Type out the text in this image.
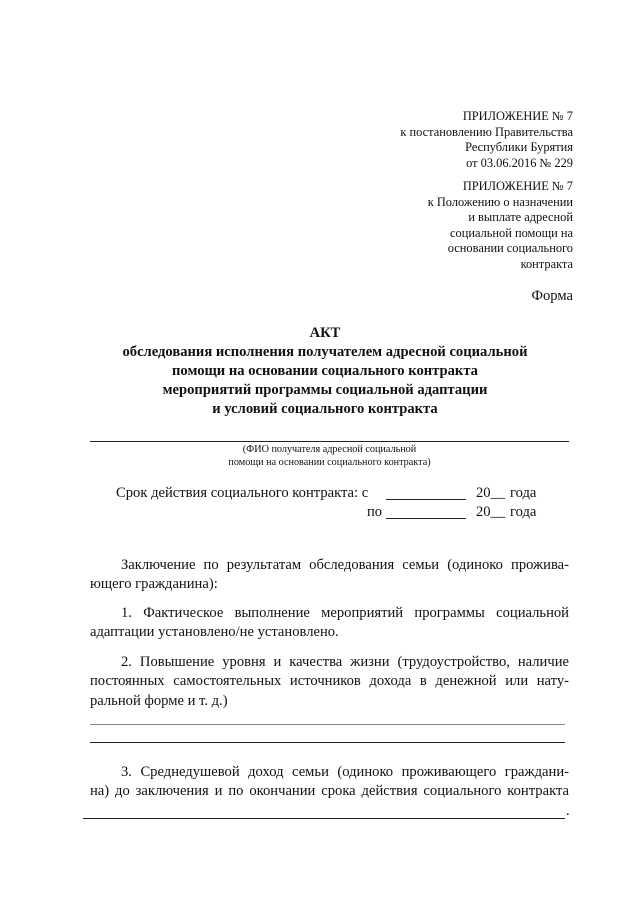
ПРИЛОЖЕНИЕ № 7
к постановлению Правительства
Республики Бурятия
от 03.06.2016 № 229
ПРИЛОЖЕНИЕ № 7
к Положению о назначении
и выплате адресной
социальной помощи на
основании социального
контракта
Форма
АКТ
обследования исполнения получателем адресной социальной
помощи на основании социального контракта
мероприятий программы социальной адаптации
и условий социального контракта
(ФИО получателя адресной социальной
помощи на основании социального контракта)
Срок действия социального контракта: с	20__ года
по	20__ года
Заключение по результатам обследования семьи (одиноко прожива-
ющего гражданина):
1. Фактическое выполнение мероприятий программы социальной
адаптации установлено/не установлено.
2. Повышение уровня и качества жизни (трудоустройство, наличие
постоянных самостоятельных источников дохода в денежной или нату-
ральной форме и т. д.)
3. Среднедушевой доход семьи (одиноко проживающего граждани-
на) до заключения и по окончании срока действия социального контракта
.
